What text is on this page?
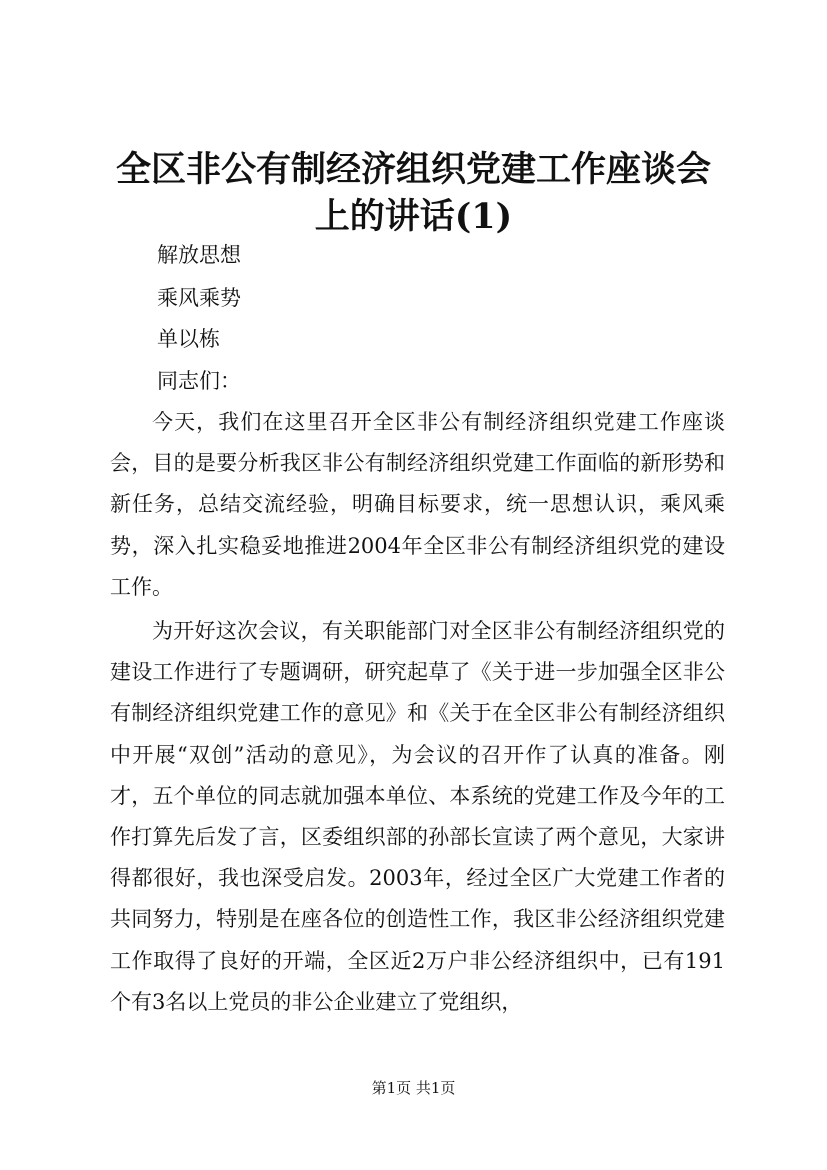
全区非公有制经济组织党建工作座谈会上的讲话(1)

解放思想

乘风乘势

单以栋

同志们：

今天，我们在这里召开全区非公有制经济组织党建工作座谈会，目的是要分析我区非公有制经济组织党建工作面临的新形势和新任务，总结交流经验，明确目标要求，统一思想认识，乘风乘势，深入扎实稳妥地推进2004年全区非公有制经济组织党的建设工作。

为开好这次会议，有关职能部门对全区非公有制经济组织党的建设工作进行了专题调研，研究起草了《关于进一步加强全区非公有制经济组织党建工作的意见》和《关于在全区非公有制经济组织中开展“双创”活动的意见》，为会议的召开作了认真的准备。刚才，五个单位的同志就加强本单位、本系统的党建工作及今年的工作打算先后发了言，区委组织部的孙部长宣读了两个意见，大家讲得都很好，我也深受启发。2003年，经过全区广大党建工作者的共同努力，特别是在座各位的创造性工作，我区非公经济组织党建工作取得了良好的开端，全区近2万户非公经济组织中，已有191个有3名以上党员的非公企业建立了党组织，

第1页 共1页
